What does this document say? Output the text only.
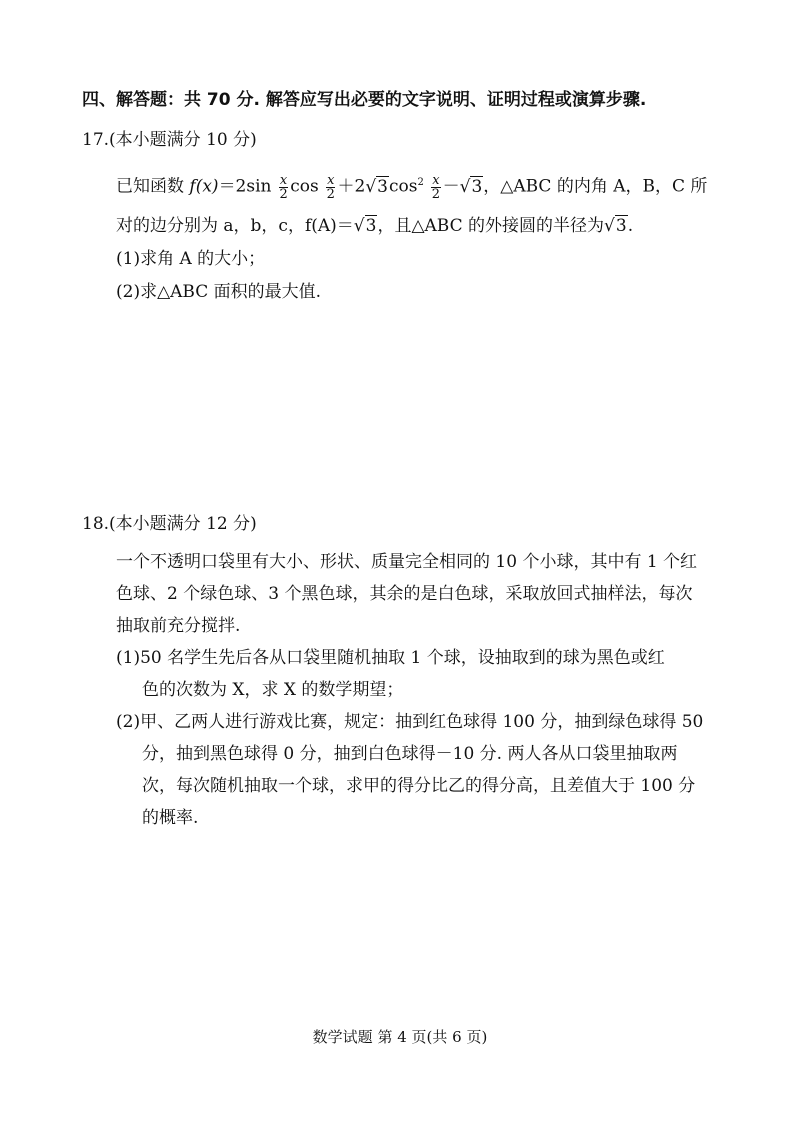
四、解答题：共 70 分. 解答应写出必要的文字说明、证明过程或演算步骤.
17.(本小题满分 10 分)
已知函数 $f(x)=2\sin \frac{x}{2}$ $\cos \frac{x}{2} +2√3\cos^2 \frac{x}{2} -√3$，△ABC 的内角 A，B，C 所
对的边分别为 a，b，c，f(A)＝√3，且△ABC 的外接圆的半径为√3.
(1)求角 A 的大小；
(2)求△ABC 面积的最大值.
18.(本小题满分 12 分)
一个不透明口袋里有大小、形状、质量完全相同的 10 个小球，其中有 1 个红
色球、2 个绿色球、3 个黑色球，其余的是白色球，采取放回式抽样法，每次
抽取前充分搅拌.
(1)50 名学生先后各从口袋里随机抽取 1 个球，设抽取到的球为黑色或红
色的次数为 X，求 X 的数学期望；
(2)甲、乙两人进行游戏比赛，规定：抽到红色球得 100 分，抽到绿色球得 50
分，抽到黑色球得 0 分，抽到白色球得－10 分. 两人各从口袋里抽取两
次，每次随机抽取一个球，求甲的得分比乙的得分高，且差值大于 100 分
的概率.
数学试题 第 4 页(共 6 页)
